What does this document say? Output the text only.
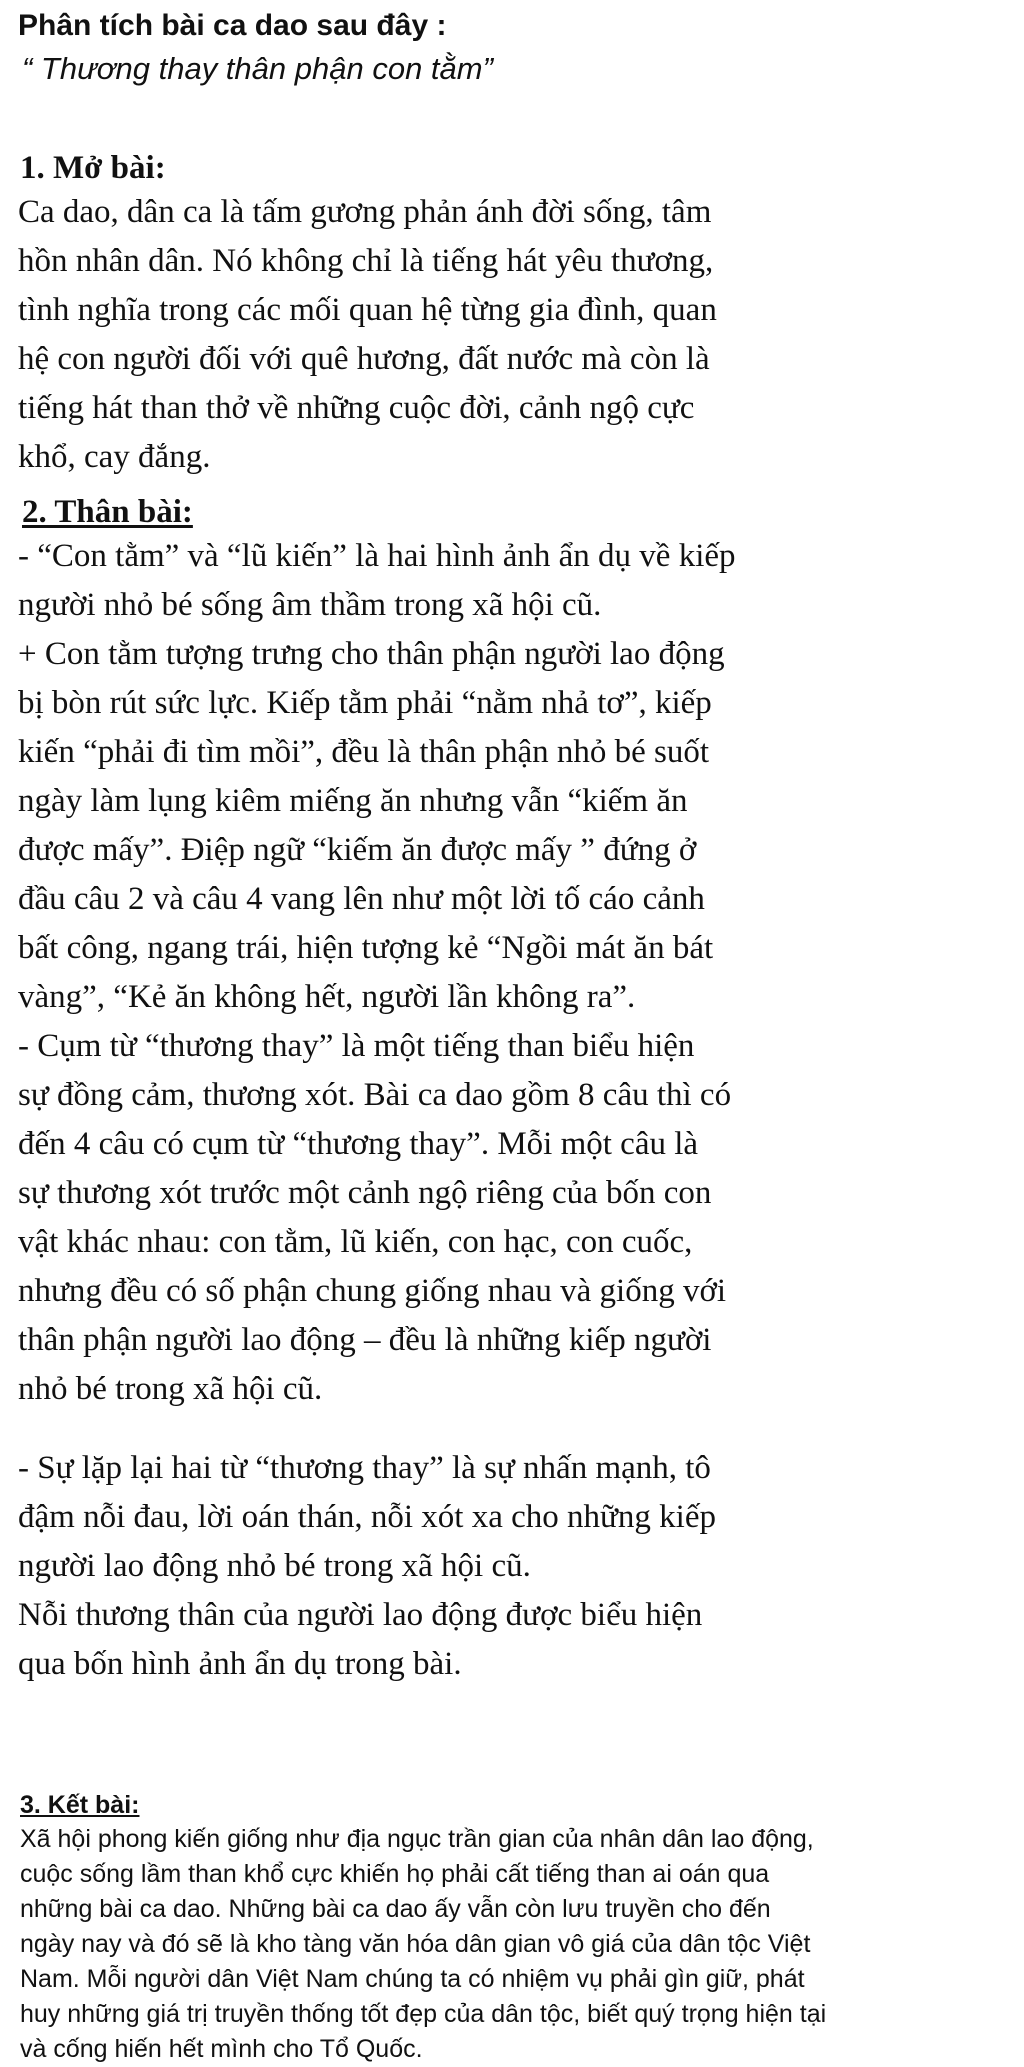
Phân tích bài ca dao sau đây :
“ Thương thay thân phận con tằm”
1. Mở bài:
Ca dao, dân ca là tấm gương phản ánh đời sống, tâm
hồn nhân dân. Nó không chỉ là tiếng hát yêu thương,
tình nghĩa trong các mối quan hệ từng gia đình, quan
hệ con người đối với quê hương, đất nước mà còn là
tiếng hát than thở về những cuộc đời, cảnh ngộ cực
khổ, cay đắng.
2. Thân bài:
- “Con tằm” và “lũ kiến” là hai hình ảnh ẩn dụ về kiếp
người nhỏ bé sống âm thầm trong xã hội cũ.
+ Con tằm tượng trưng cho thân phận người lao động
bị bòn rút sức lực. Kiếp tằm phải “nằm nhả tơ”, kiếp
kiến “phải đi tìm mồi”, đều là thân phận nhỏ bé suốt
ngày làm lụng kiêm miếng ăn nhưng vẫn “kiếm ăn
được mấy”. Điệp ngữ “kiếm ăn được mấy ” đứng ở
đầu câu 2 và câu 4 vang lên như một lời tố cáo cảnh
bất công, ngang trái, hiện tượng kẻ “Ngồi mát ăn bát
vàng”, “Kẻ ăn không hết, người lần không ra”.
- Cụm từ “thương thay” là một tiếng than biểu hiện
sự đồng cảm, thương xót. Bài ca dao gồm 8 câu thì có
đến 4 câu có cụm từ “thương thay”. Mỗi một câu là
sự thương xót trước một cảnh ngộ riêng của bốn con
vật khác nhau: con tằm, lũ kiến, con hạc, con cuốc,
nhưng đều có số phận chung giống nhau và giống với
thân phận người lao động – đều là những kiếp người
nhỏ bé trong xã hội cũ.
- Sự lặp lại hai từ “thương thay” là sự nhấn mạnh, tô
đậm nỗi đau, lời oán thán, nỗi xót xa cho những kiếp
người lao động nhỏ bé trong xã hội cũ.
Nỗi thương thân của người lao động được biểu hiện
qua bốn hình ảnh ẩn dụ trong bài.
3. Kết bài:
Xã hội phong kiến giống như địa ngục trần gian của nhân dân lao động,
cuộc sống lầm than khổ cực khiến họ phải cất tiếng than ai oán qua
những bài ca dao. Những bài ca dao ấy vẫn còn lưu truyền cho đến
ngày nay và đó sẽ là kho tàng văn hóa dân gian vô giá của dân tộc Việt
Nam. Mỗi người dân Việt Nam chúng ta có nhiệm vụ phải gìn giữ, phát
huy những giá trị truyền thống tốt đẹp của dân tộc, biết quý trọng hiện tại
và cống hiến hết mình cho Tổ Quốc.
